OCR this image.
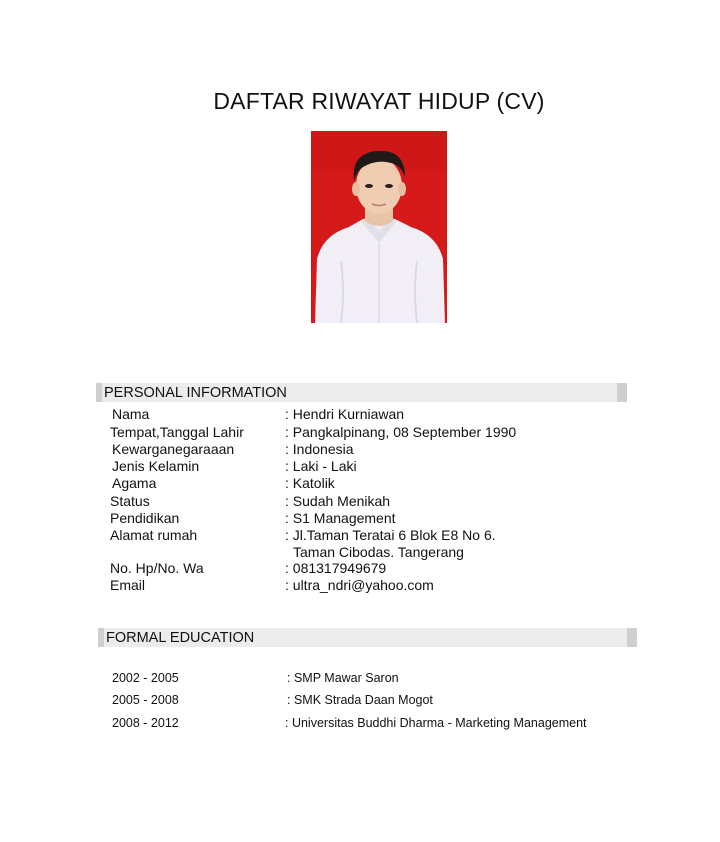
DAFTAR RIWAYAT HIDUP (CV)
PERSONAL INFORMATION
Nama	: Hendri Kurniawan
Tempat,Tanggal Lahir	: Pangkalpinang, 08 September 1990
Kewarganegaraaan	: Indonesia
Jenis Kelamin	: Laki - Laki
Agama	: Katolik
Status	: Sudah Menikah
Pendidikan	: S1 Management
Alamat rumah	: Jl.Taman Teratai 6 Blok E8 No 6.
Taman Cibodas. Tangerang
No. Hp/No. Wa	: 081317949679
Email	: ultra_ndri@yahoo.com
FORMAL EDUCATION
2002 - 2005	: SMP Mawar Saron
2005 - 2008	: SMK Strada Daan Mogot
2008 - 2012	: Universitas Buddhi Dharma - Marketing Management
